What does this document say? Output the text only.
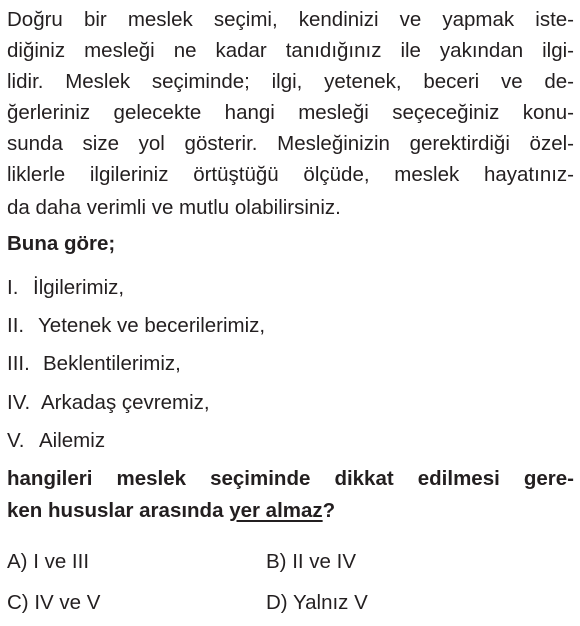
Doğru bir meslek seçimi, kendinizi ve yapmak iste-
diğiniz mesleği ne kadar tanıdığınız ile yakından ilgi-
lidir. Meslek seçiminde; ilgi, yetenek, beceri ve de-
ğerleriniz gelecekte hangi mesleği seçeceğiniz konu-
sunda size yol gösterir. Mesleğinizin gerektirdiği özel-
liklerle ilgileriniz örtüştüğü ölçüde, meslek hayatınız-
da daha verimli ve mutlu olabilirsiniz.
Buna göre;
I. İlgilerimiz,
II. Yetenek ve becerilerimiz,
III. Beklentilerimiz,
IV. Arkadaş çevremiz,
V. Ailemiz
hangileri meslek seçiminde dikkat edilmesi gere-
ken hususlar arasında yer almaz?
A) I ve III	B) II ve IV
C) IV ve V	D) Yalnız V
